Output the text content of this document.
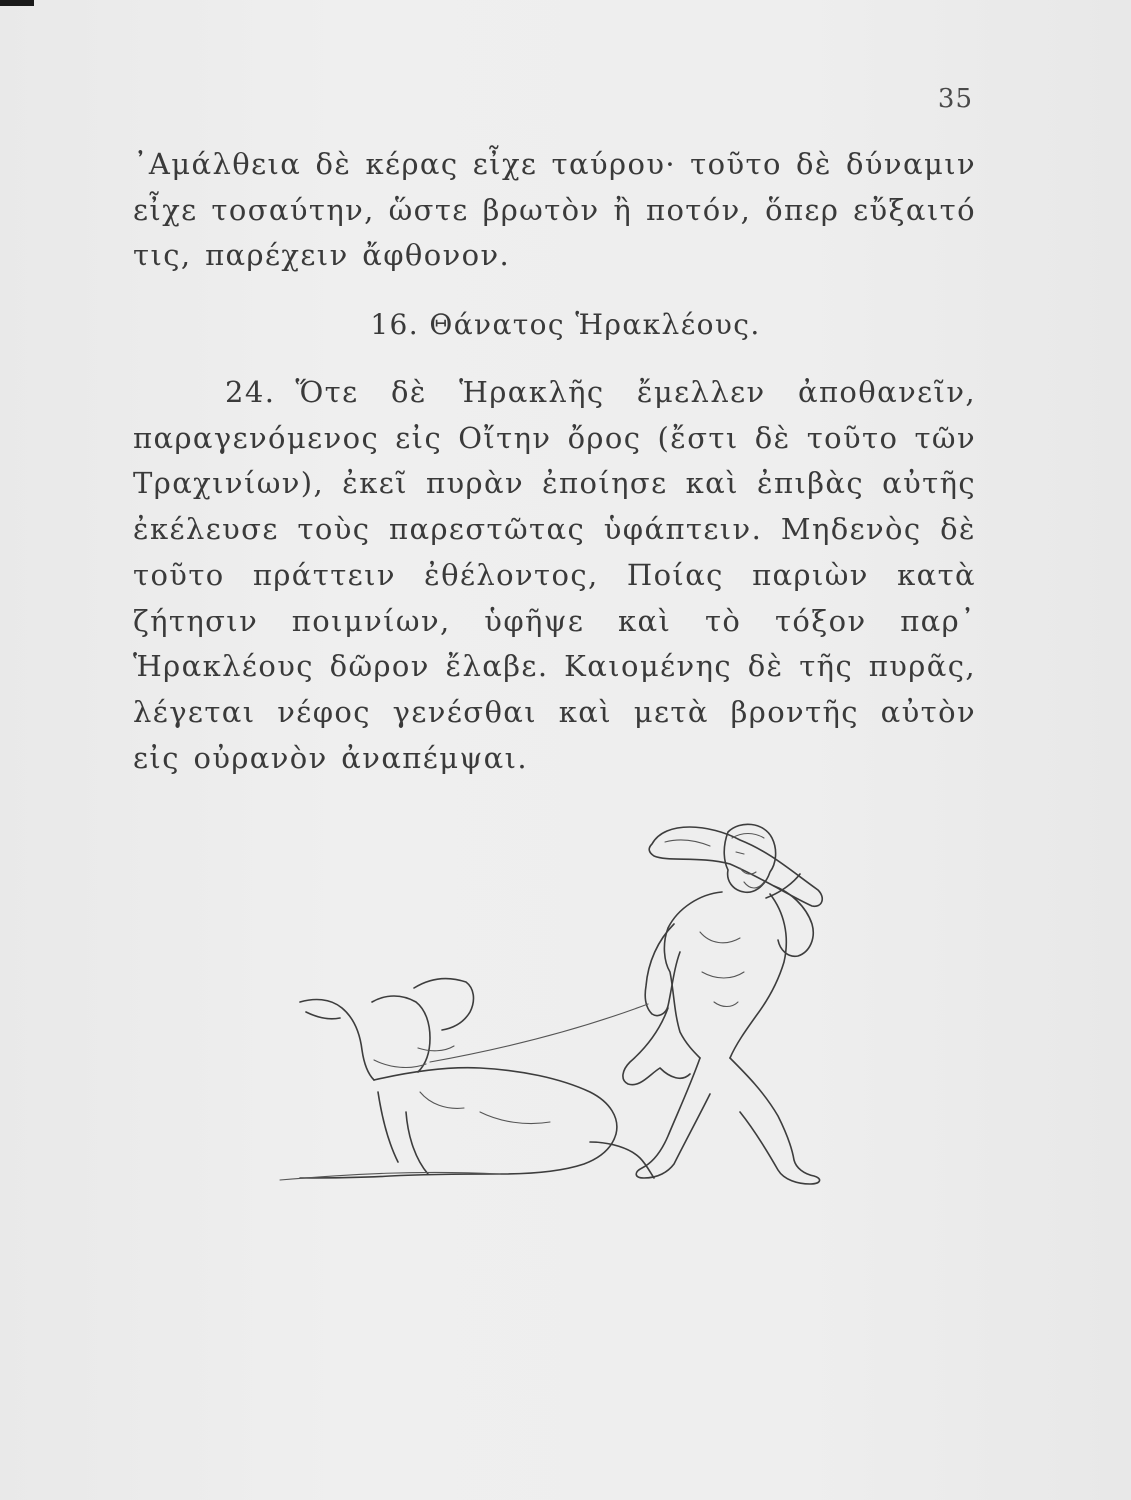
35

᾿Αμάλθεια δὲ κέρας εἶχε ταύρου· τοῦτο δὲ δύναμιν εἶχε τοσαύτην, ὥστε βρωτὸν ἢ ποτόν, ὅπερ εὔξαιτό τις, παρέχειν ἄφθονον.

16. Θάνατος Ἡρακλέους.

24. Ὅτε δὲ Ἡρακλῆς ἔμελλεν ἀποθανεῖν, παραγενόμενος εἰς Οἴτην ὄρος (ἔστι δὲ τοῦτο τῶν Τραχινίων), ἐκεῖ πυρὰν ἐποίησε καὶ ἐπιβὰς αὐτῆς ἐκέλευσε τοὺς παρεστῶτας ὑφάπτειν. Μηδενὸς δὲ τοῦτο πράττειν ἐθέλοντος, Ποίας παριὼν κατὰ ζήτησιν ποιμνίων, ὑφῆψε καὶ τὸ τόξον παρ᾿ Ἡρακλέους δῶρον ἔλαβε. Καιομένης δὲ τῆς πυρᾶς, λέγεται νέφος γενέσθαι καὶ μετὰ βροντῆς αὐτὸν εἰς οὐρανὸν ἀναπέμψαι.
